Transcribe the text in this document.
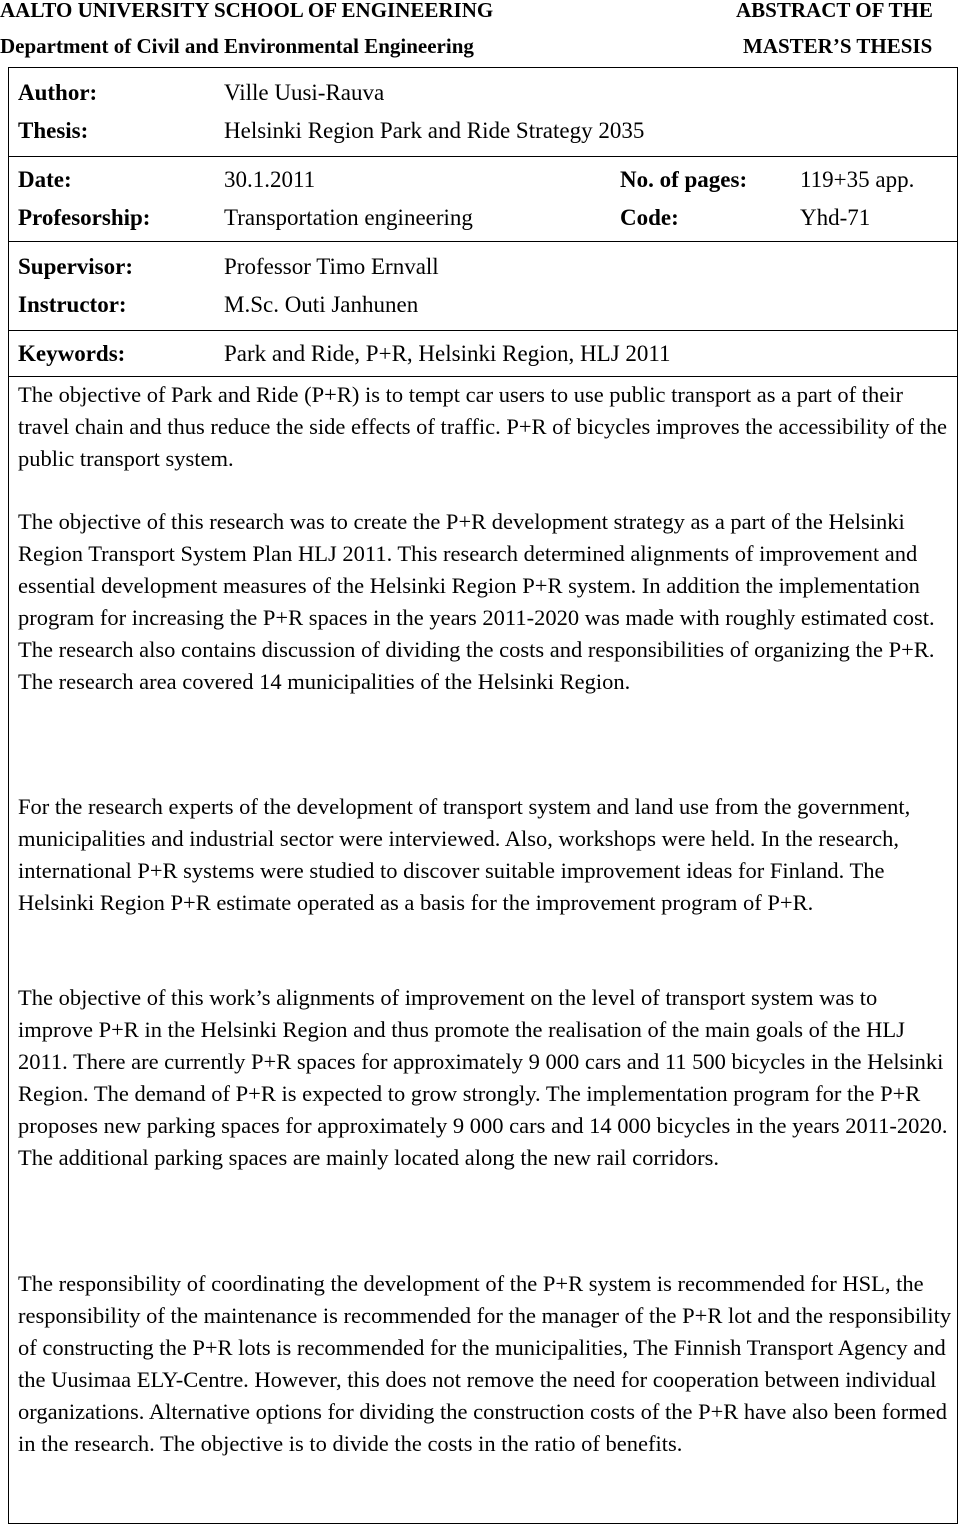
AALTO UNIVERSITY SCHOOL OF ENGINEERING
Department of Civil and Environmental Engineering
ABSTRACT OF THE
MASTER’S THESIS
Author:	Ville Uusi-Rauva
Thesis:	Helsinki Region Park and Ride Strategy 2035
Date:	30.1.2011	No. of pages: 119+35 app.
Profesorship:	Transportation engineering	Code:	Yhd-71
Supervisor:	Professor Timo Ernvall
Instructor:	M.Sc. Outi Janhunen
Keywords:	Park and Ride, P+R, Helsinki Region, HLJ 2011

The objective of Park and Ride (P+R) is to tempt car users to use public transport as a part of their travel chain and thus reduce the side effects of traffic. P+R of bicycles improves the accessibility of the public transport system.

The objective of this research was to create the P+R development strategy as a part of the Helsinki Region Transport System Plan HLJ 2011. This research determined alignments of improvement and essential development measures of the Helsinki Region P+R system. In addition the implementation program for increasing the P+R spaces in the years 2011-2020 was made with roughly estimated cost. The research also contains discussion of dividing the costs and responsibilities of organizing the P+R. The research area covered 14 municipalities of the Helsinki Region.

For the research experts of the development of transport system and land use from the government, municipalities and industrial sector were interviewed. Also, workshops were held. In the research, international P+R systems were studied to discover suitable improvement ideas for Finland. The Helsinki Region P+R estimate operated as a basis for the improvement program of P+R.

The objective of this work’s alignments of improvement on the level of transport system was to improve P+R in the Helsinki Region and thus promote the realisation of the main goals of the HLJ 2011. There are currently P+R spaces for approximately 9 000 cars and 11 500 bicycles in the Helsinki Region. The demand of P+R is expected to grow strongly. The implementation program for the P+R proposes new parking spaces for approximately 9 000 cars and 14 000 bicycles in the years 2011-2020. The additional parking spaces are mainly located along the new rail corridors.

The responsibility of coordinating the development of the P+R system is recommended for HSL, the responsibility of the maintenance is recommended for the manager of the P+R lot and the responsibility of constructing the P+R lots is recommended for the municipalities, The Finnish Transport Agency and the Uusimaa ELY-Centre. However, this does not remove the need for cooperation between individual organizations. Alternative options for dividing the construction costs of the P+R have also been formed in the research. The objective is to divide the costs in the ratio of benefits.
